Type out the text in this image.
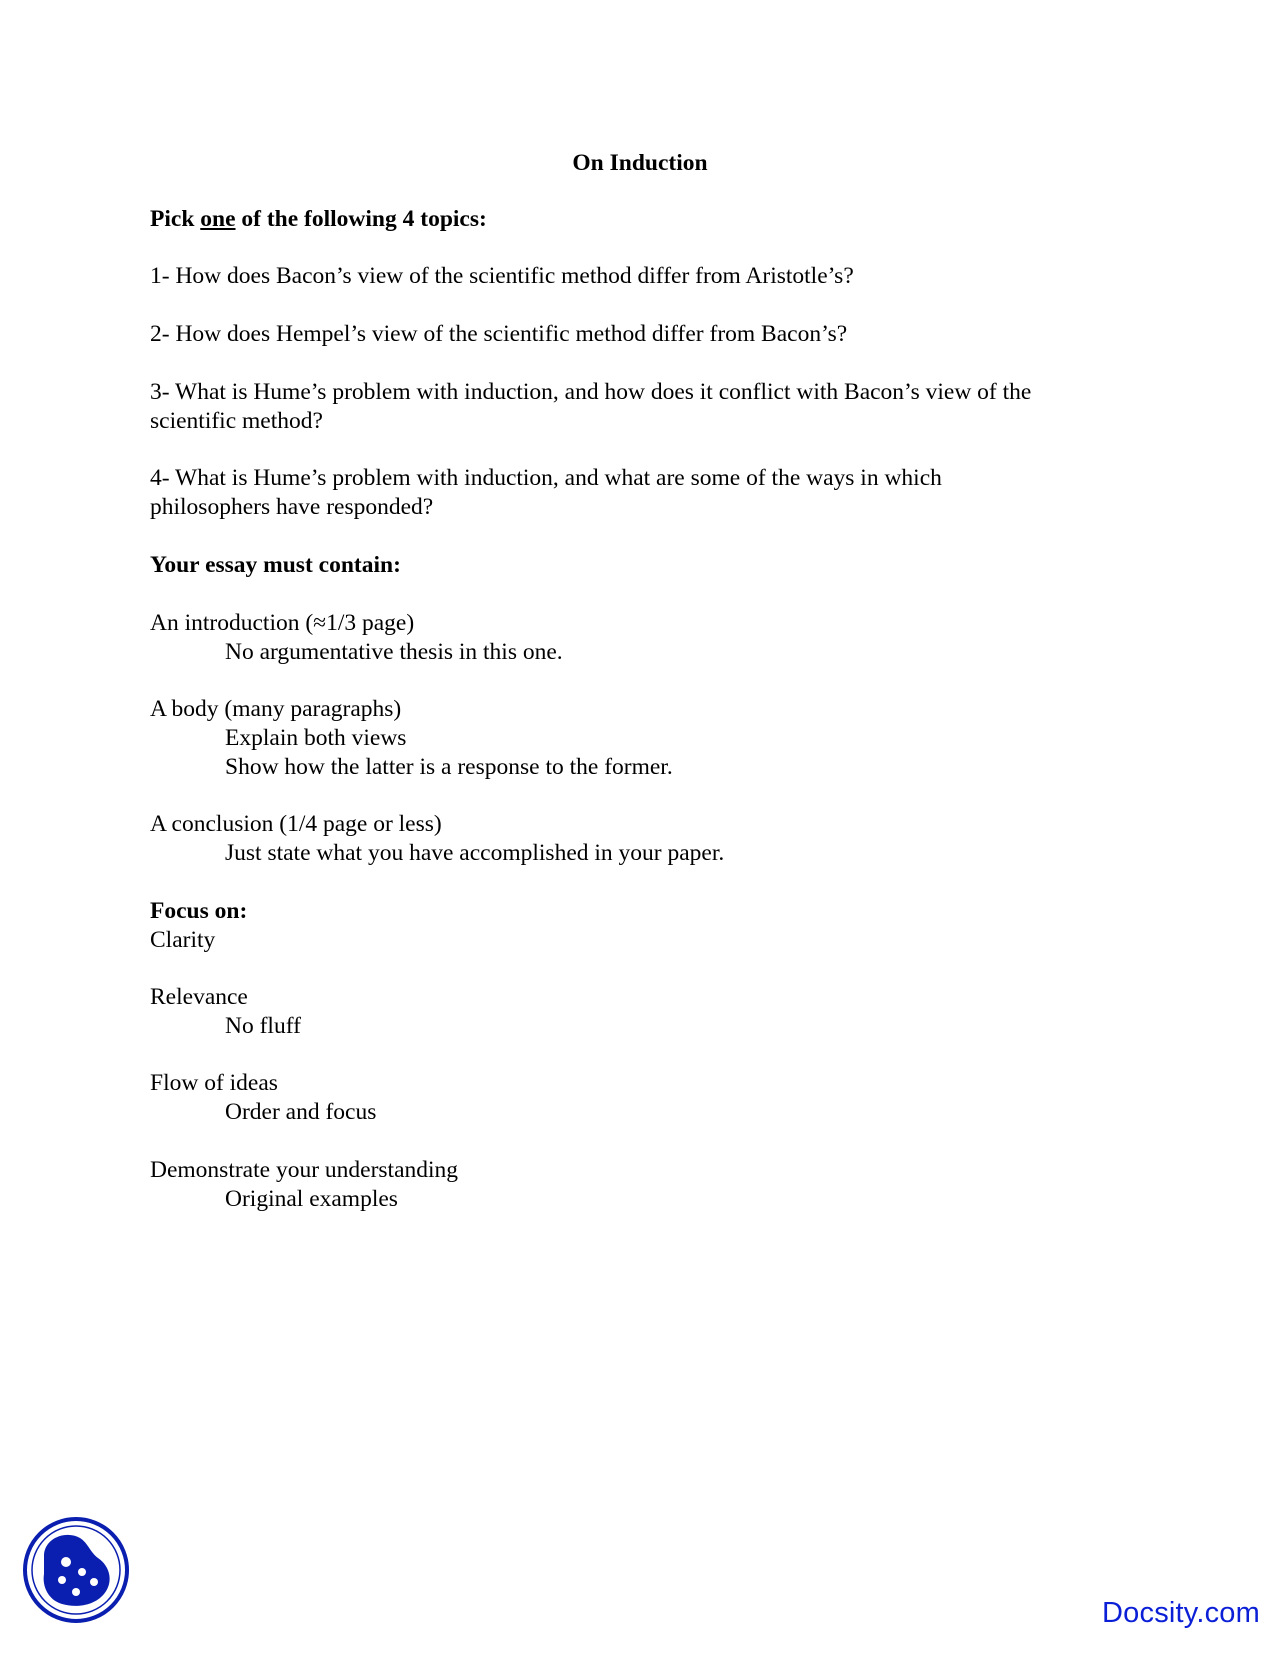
On Induction
Pick one of the following 4 topics:
1- How does Bacon’s view of the scientific method differ from Aristotle’s?
2- How does Hempel’s view of the scientific method differ from Bacon’s?
3- What is Hume’s problem with induction, and how does it conflict with Bacon’s view of the
scientific method?
4- What is Hume’s problem with induction, and what are some of the ways in which
philosophers have responded?
Your essay must contain:
An introduction (≈1/3 page)
No argumentative thesis in this one.
A body (many paragraphs)
Explain both views
Show how the latter is a response to the former.
A conclusion (1/4 page or less)
Just state what you have accomplished in your paper.
Focus on:
Clarity
Relevance
No fluff
Flow of ideas
Order and focus
Demonstrate your understanding
Original examples
Docsity.com
